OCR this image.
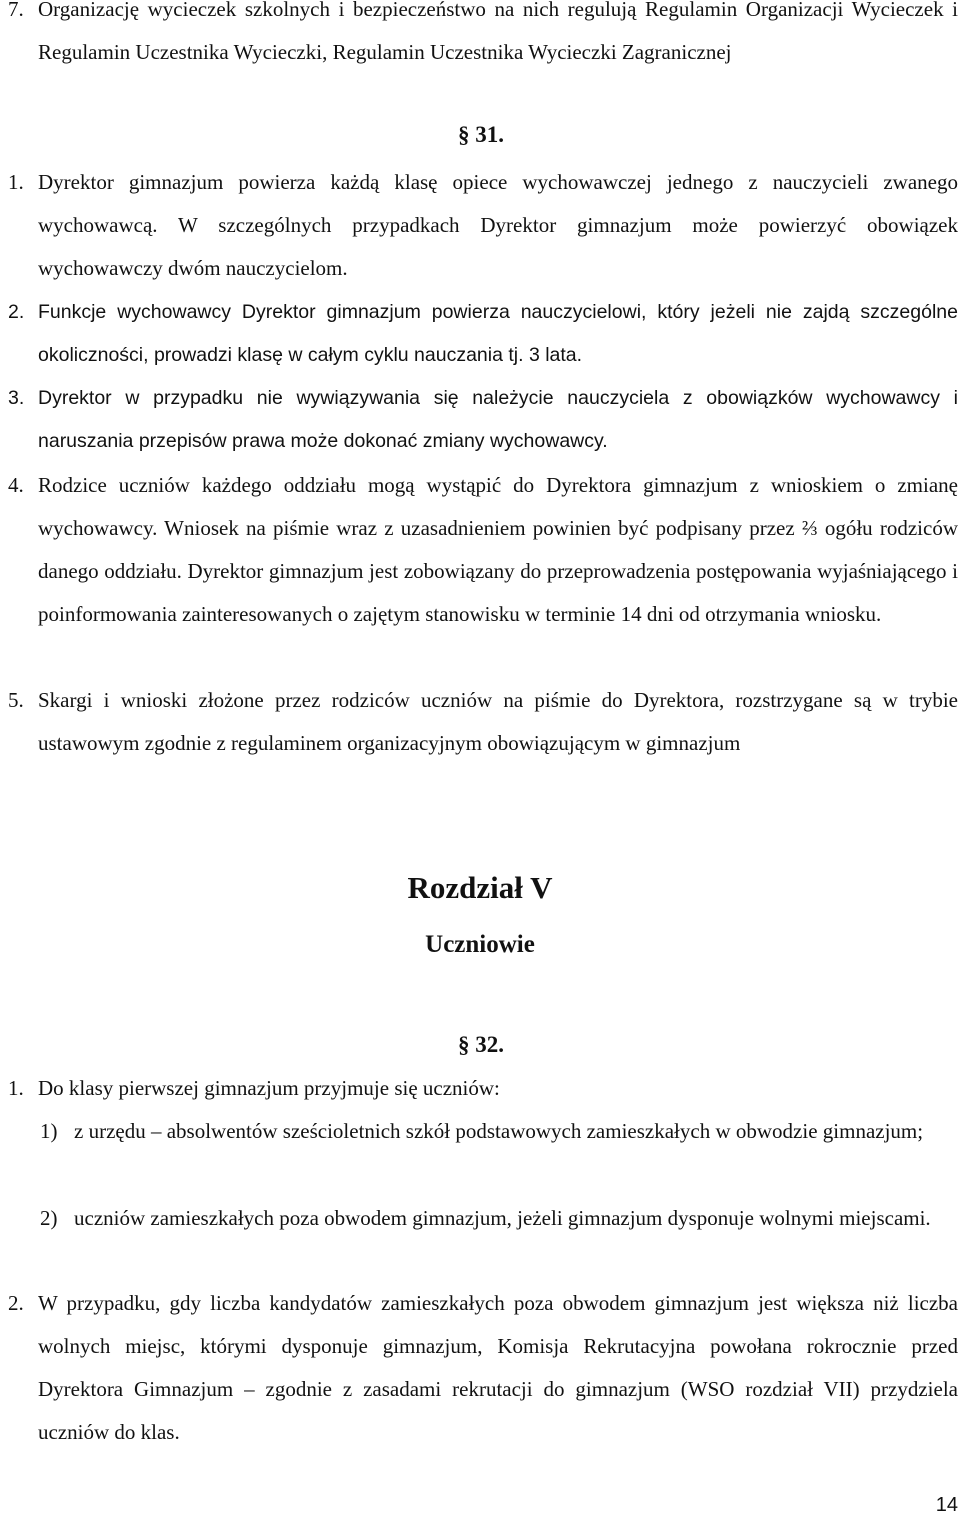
7. Organizację wycieczek szkolnych i bezpieczeństwo na nich regulują Regulamin Organizacji Wycieczek i Regulamin Uczestnika Wycieczki, Regulamin Uczestnika Wycieczki Zagranicznej
§ 31.
1. Dyrektor gimnazjum powierza każdą klasę opiece wychowawczej jednego z nauczycieli zwanego wychowawcą. W szczególnych przypadkach Dyrektor gimnazjum może powierzyć obowiązek wychowawczy dwóm nauczycielom.
2. Funkcje wychowawcy Dyrektor gimnazjum powierza nauczycielowi, który jeżeli nie zajdą szczególne okoliczności, prowadzi klasę w całym cyklu nauczania tj. 3 lata.
3. Dyrektor w przypadku nie wywiązywania się należycie nauczyciela z obowiązków wychowawcy i naruszania przepisów prawa może dokonać zmiany wychowawcy.
4. Rodzice uczniów każdego oddziału mogą wystąpić do Dyrektora gimnazjum z wnioskiem o zmianę wychowawcy. Wniosek na piśmie wraz z uzasadnieniem powinien być podpisany przez ⅔ ogółu rodziców danego oddziału. Dyrektor gimnazjum jest zobowiązany do przeprowadzenia postępowania wyjaśniającego i poinformowania zainteresowanych o zajętym stanowisku w terminie 14 dni od otrzymania wniosku.
5. Skargi i wnioski złożone przez rodziców uczniów na piśmie do Dyrektora, rozstrzygane są w trybie ustawowym zgodnie z regulaminem organizacyjnym obowiązującym w gimnazjum
Rozdział V
Uczniowie
§ 32.
1. Do klasy pierwszej gimnazjum przyjmuje się uczniów:
1) z urzędu – absolwentów sześcioletnich szkół podstawowych zamieszkałych w obwodzie gimnazjum;
2) uczniów zamieszkałych poza obwodem gimnazjum, jeżeli gimnazjum dysponuje wolnymi miejscami.
2. W przypadku, gdy liczba kandydatów zamieszkałych poza obwodem gimnazjum jest większa niż liczba wolnych miejsc, którymi dysponuje gimnazjum, Komisja Rekrutacyjna powołana rokrocznie przed Dyrektora Gimnazjum – zgodnie z zasadami rekrutacji do gimnazjum (WSO rozdział VII) przydziela uczniów do klas.
14
